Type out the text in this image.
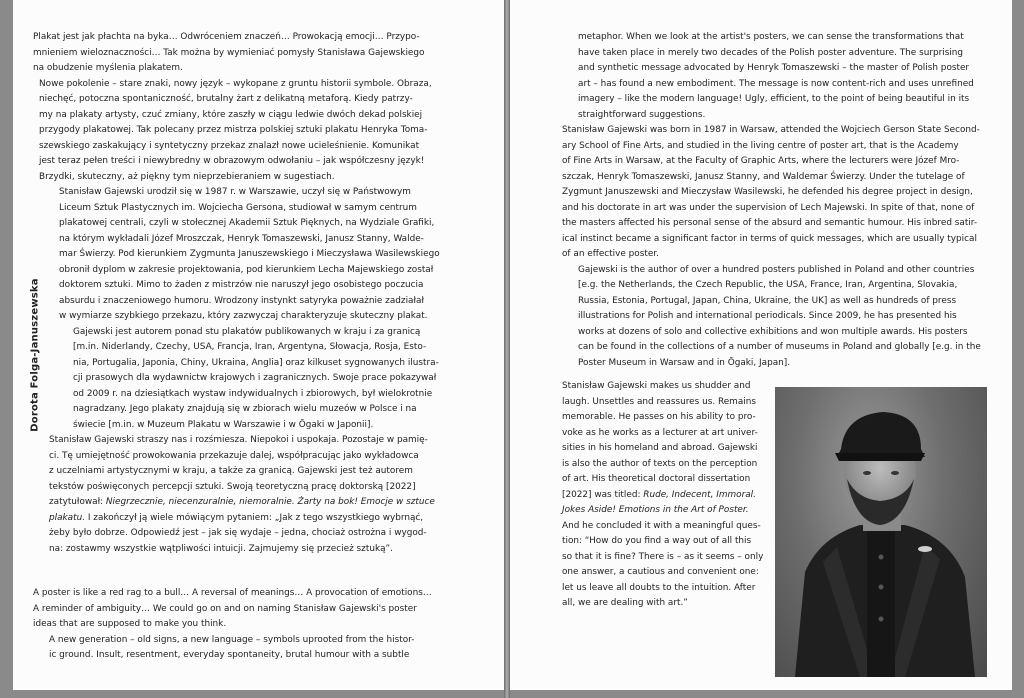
Dorota Folga-Januszewska
Plakat jest jak płachta na byka… Odwróceniem znaczeń… Prowokacją emocji… Przypo-
mnieniem wieloznaczności… Tak można by wymieniać pomysły Stanisława Gajewskiego
na obudzenie myślenia plakatem.
Nowe pokolenie – stare znaki, nowy język – wykopane z gruntu historii symbole. Obraza,
niechęć, potoczna spontaniczność, brutalny żart z delikatną metaforą. Kiedy patrzy-
my na plakaty artysty, czuć zmiany, które zaszły w ciągu ledwie dwóch dekad polskiej
przygody plakatowej. Tak polecany przez mistrza polskiej sztuki plakatu Henryka Toma-
szewskiego zaskakujący i syntetyczny przekaz znalazł nowe ucieleśnienie. Komunikat
jest teraz pełen treści i niewybredny w obrazowym odwołaniu – jak współczesny język!
Brzydki, skuteczny, aż piękny tym nieprzebieraniem w sugestiach.
Stanisław Gajewski urodził się w 1987 r. w Warszawie, uczył się w Państwowym
Liceum Sztuk Plastycznych im. Wojciecha Gersona, studiował w samym centrum
plakatowej centrali, czyli w stołecznej Akademii Sztuk Pięknych, na Wydziale Grafiki,
na którym wykładali Józef Mroszczak, Henryk Tomaszewski, Janusz Stanny, Walde-
mar Świerzy. Pod kierunkiem Zygmunta Januszewskiego i Mieczysława Wasilewskiego
obronił dyplom w zakresie projektowania, pod kierunkiem Lecha Majewskiego został
doktorem sztuki. Mimo to żaden z mistrzów nie naruszył jego osobistego poczucia
absurdu i znaczeniowego humoru. Wrodzony instynkt satyryka poważnie zadziałał
w wymiarze szybkiego przekazu, który zazwyczaj charakteryzuje skuteczny plakat.
Gajewski jest autorem ponad stu plakatów publikowanych w kraju i za granicą
[m.in. Niderlandy, Czechy, USA, Francja, Iran, Argentyna, Słowacja, Rosja, Esto-
nia, Portugalia, Japonia, Chiny, Ukraina, Anglia] oraz kilkuset sygnowanych ilustra-
cji prasowych dla wydawnictw krajowych i zagranicznych. Swoje prace pokazywał
od 2009 r. na dziesiątkach wystaw indywidualnych i zbiorowych, był wielokrotnie
nagradzany. Jego plakaty znajdują się w zbiorach wielu muzeów w Polsce i na
świecie [m.in. w Muzeum Plakatu w Warszawie i w Ōgaki w Japonii].
Stanisław Gajewski straszy nas i rozśmiesza. Niepokoi i uspokaja. Pozostaje w pamię-
ci. Tę umiejętność prowokowania przekazuje dalej, współpracując jako wykładowca
z uczelniami artystycznymi w kraju, a także za granicą. Gajewski jest też autorem
tekstów poświęconych percepcji sztuki. Swoją teoretyczną pracę doktorską [2022]
zatytułował: Niegrzecznie, niecenzuralnie, niemoralnie. Żarty na bok! Emocje w sztuce
plakatu. I zakończył ją wiele mówiącym pytaniem: „Jak z tego wszystkiego wybrnąć,
żeby było dobrze. Odpowiedź jest – jak się wydaje – jedna, chociaż ostrożna i wygod-
na: zostawmy wszystkie wątpliwości intuicji. Zajmujemy się przecież sztuką”.
A poster is like a red rag to a bull… A reversal of meanings… A provocation of emotions…
A reminder of ambiguity… We could go on and on naming Stanisław Gajewski's poster
ideas that are supposed to make you think.
A new generation – old signs, a new language – symbols uprooted from the histor-
ic ground. Insult, resentment, everyday spontaneity, brutal humour with a subtle
metaphor. When we look at the artist's posters, we can sense the transformations that
have taken place in merely two decades of the Polish poster adventure. The surprising
and synthetic message advocated by Henryk Tomaszewski – the master of Polish poster
art – has found a new embodiment. The message is now content-rich and uses unrefined
imagery – like the modern language! Ugly, efficient, to the point of being beautiful in its
straightforward suggestions.
Stanisław Gajewski was born in 1987 in Warsaw, attended the Wojciech Gerson State Second-
ary School of Fine Arts, and studied in the living centre of poster art, that is the Academy
of Fine Arts in Warsaw, at the Faculty of Graphic Arts, where the lecturers were Józef Mro-
szczak, Henryk Tomaszewski, Janusz Stanny, and Waldemar Świerzy. Under the tutelage of
Zygmunt Januszewski and Mieczysław Wasilewski, he defended his degree project in design,
and his doctorate in art was under the supervision of Lech Majewski. In spite of that, none of
the masters affected his personal sense of the absurd and semantic humour. His inbred satir-
ical instinct became a significant factor in terms of quick messages, which are usually typical
of an effective poster.
Gajewski is the author of over a hundred posters published in Poland and other countries
[e.g. the Netherlands, the Czech Republic, the USA, France, Iran, Argentina, Slovakia,
Russia, Estonia, Portugal, Japan, China, Ukraine, the UK] as well as hundreds of press
illustrations for Polish and international periodicals. Since 2009, he has presented his
works at dozens of solo and collective exhibitions and won multiple awards. His posters
can be found in the collections of a number of museums in Poland and globally [e.g. in the
Poster Museum in Warsaw and in Ōgaki, Japan].
Stanisław Gajewski makes us shudder and
laugh. Unsettles and reassures us. Remains
memorable. He passes on his ability to pro-
voke as he works as a lecturer at art univer-
sities in his homeland and abroad. Gajewski
is also the author of texts on the perception
of art. His theoretical doctoral dissertation
[2022] was titled: Rude, Indecent, Immoral.
Jokes Aside! Emotions in the Art of Poster.
And he concluded it with a meaningful ques-
tion: “How do you find a way out of all this
so that it is fine? There is – as it seems – only
one answer, a cautious and convenient one:
let us leave all doubts to the intuition. After
all, we are dealing with art.”
